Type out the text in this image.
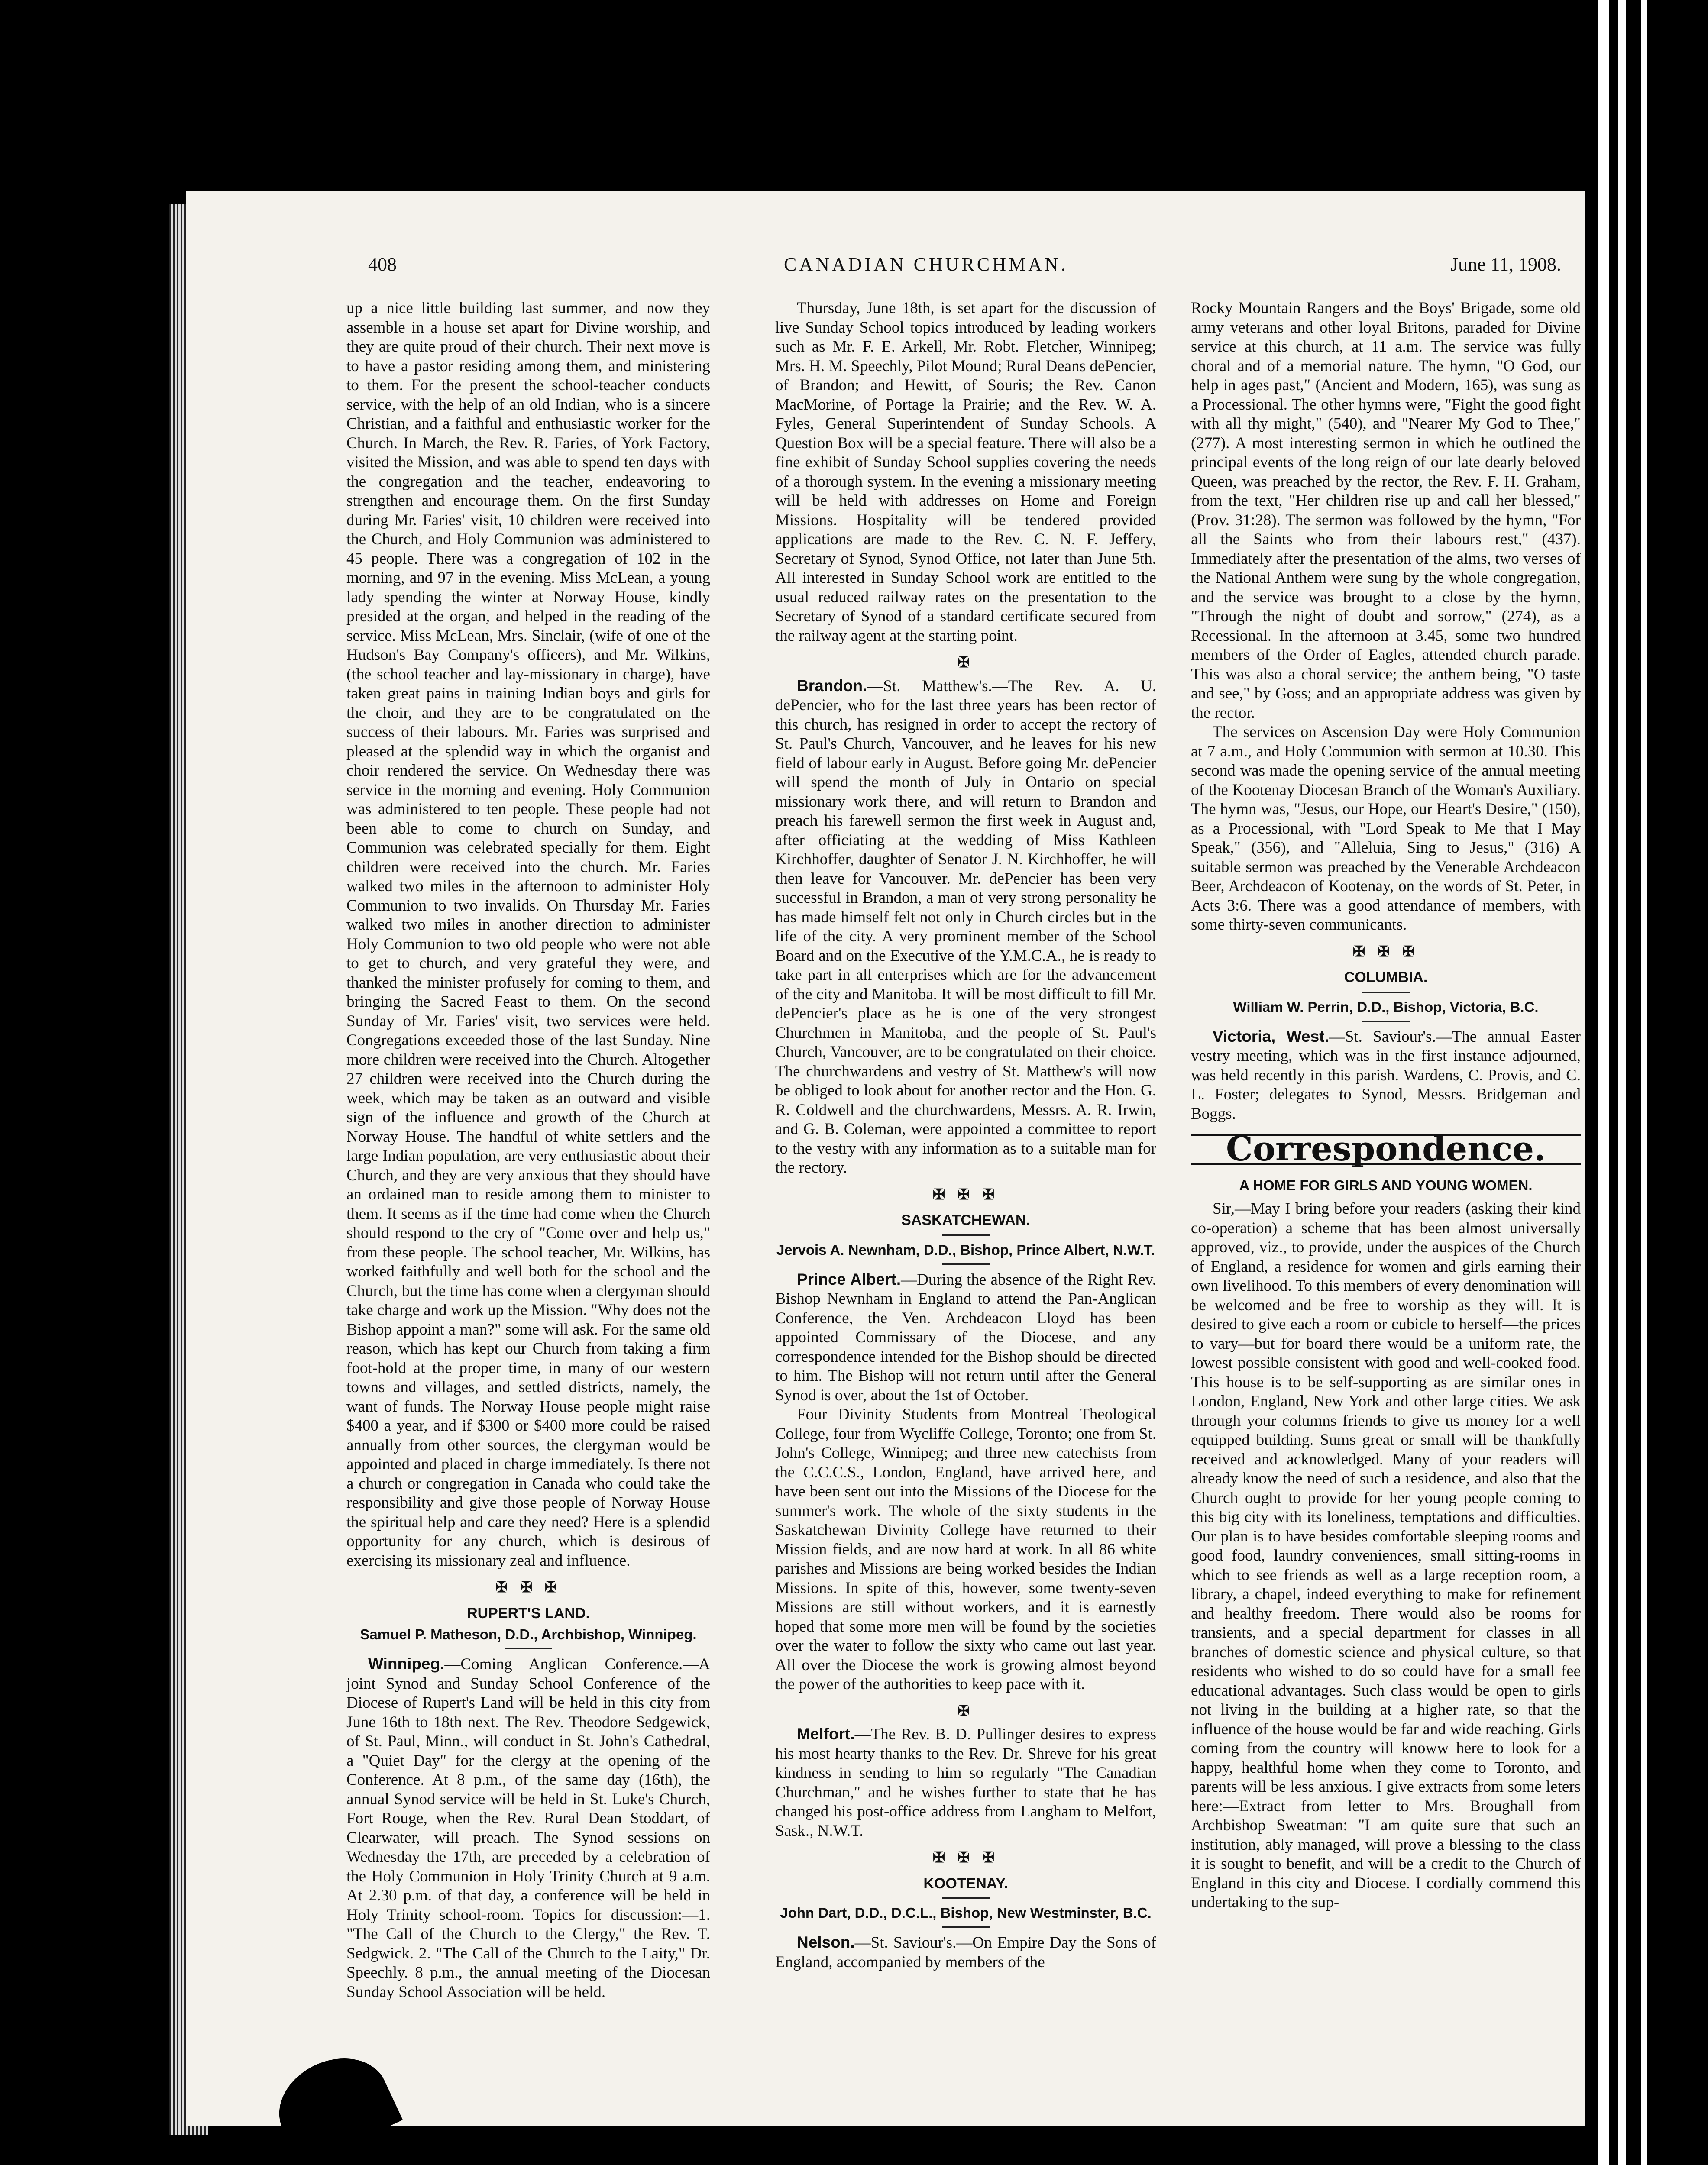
408	CANADIAN CHURCHMAN.	June 11, 1908.

up a nice little building last summer, and now they assemble in a house set apart for Divine worship, and they are quite proud of their church. Their next move is to have a pastor residing among them, and ministering to them. For the present the school-teacher conducts service, with the help of an old Indian, who is a sincere Christian, and a faithful and enthusiastic worker for the Church. In March, the Rev. R. Faries, of York Factory, visited the Mission, and was able to spend ten days with the congregation and the teacher, endeavoring to strengthen and encourage them. On the first Sunday during Mr. Faries' visit, 10 children were received into the Church, and Holy Communion was administered to 45 people. There was a congregation of 102 in the morning, and 97 in the evening. Miss McLean, a young lady spending the winter at Norway House, kindly presided at the organ, and helped in the reading of the service. Miss McLean, Mrs. Sinclair, (wife of one of the Hudson's Bay Company's officers), and Mr. Wilkins, (the school teacher and lay-missionary in charge), have taken great pains in training Indian boys and girls for the choir, and they are to be congratulated on the success of their labours. Mr. Faries was surprised and pleased at the splendid way in which the organist and choir rendered the service. On Wednesday there was service in the morning and evening. Holy Communion was administered to ten people. These people had not been able to come to church on Sunday, and Communion was celebrated specially for them. Eight children were received into the church. Mr. Faries walked two miles in the afternoon to administer Holy Communion to two invalids. On Thursday Mr. Faries walked two miles in another direction to administer Holy Communion to two old people who were not able to get to church, and very grateful they were, and thanked the minister profusely for coming to them, and bringing the Sacred Feast to them. On the second Sunday of Mr. Faries' visit, two services were held. Congregations exceeded those of the last Sunday. Nine more children were received into the Church. Altogether 27 children were received into the Church during the week, which may be taken as an outward and visible sign of the influence and growth of the Church at Norway House. The handful of white settlers and the large Indian population, are very enthusiastic about their Church, and they are very anxious that they should have an ordained man to reside among them to minister to them. It seems as if the time had come when the Church should respond to the cry of "Come over and help us," from these people. The school teacher, Mr. Wilkins, has worked faithfully and well both for the school and the Church, but the time has come when a clergyman should take charge and work up the Mission. "Why does not the Bishop appoint a man?" some will ask. For the same old reason, which has kept our Church from taking a firm foot-hold at the proper time, in many of our western towns and villages, and settled districts, namely, the want of funds. The Norway House people might raise $400 a year, and if $300 or $400 more could be raised annually from other sources, the clergyman would be appointed and placed in charge immediately. Is there not a church or congregation in Canada who could take the responsibility and give those people of Norway House the spiritual help and care they need? Here is a splendid opportunity for any church, which is desirous of exercising its missionary zeal and influence.

✠ ✠ ✠
RUPERT'S LAND.
Samuel P. Matheson, D.D., Archbishop, Winnipeg.

Winnipeg.—Coming Anglican Conference.—A joint Synod and Sunday School Conference of the Diocese of Rupert's Land will be held in this city from June 16th to 18th next. The Rev. Theodore Sedgewick, of St. Paul, Minn., will conduct in St. John's Cathedral, a "Quiet Day" for the clergy at the opening of the Conference. At 8 p.m., of the same day (16th), the annual Synod service will be held in St. Luke's Church, Fort Rouge, when the Rev. Rural Dean Stoddart, of Clearwater, will preach. The Synod sessions on Wednesday the 17th, are preceded by a celebration of the Holy Communion in Holy Trinity Church at 9 a.m. At 2.30 p.m. of that day, a conference will be held in Holy Trinity school-room. Topics for discussion:—1. "The Call of the Church to the Clergy," the Rev. T. Sedgwick. 2. "The Call of the Church to the Laity," Dr. Speechly. 8 p.m., the annual meeting of the Diocesan Sunday School Association will be held.

Thursday, June 18th, is set apart for the discussion of live Sunday School topics introduced by leading workers such as Mr. F. E. Arkell, Mr. Robt. Fletcher, Winnipeg; Mrs. H. M. Speechly, Pilot Mound; Rural Deans dePencier, of Brandon; and Hewitt, of Souris; the Rev. Canon MacMorine, of Portage la Prairie; and the Rev. W. A. Fyles, General Superintendent of Sunday Schools. A Question Box will be a special feature. There will also be a fine exhibit of Sunday School supplies covering the needs of a thorough system. In the evening a missionary meeting will be held with addresses on Home and Foreign Missions. Hospitality will be tendered provided applications are made to the Rev. C. N. F. Jeffery, Secretary of Synod, Synod Office, not later than June 5th. All interested in Sunday School work are entitled to the usual reduced railway rates on the presentation to the Secretary of Synod of a standard certificate secured from the railway agent at the starting point.

✠

Brandon.—St. Matthew's.—The Rev. A. U. dePencier, who for the last three years has been rector of this church, has resigned in order to accept the rectory of St. Paul's Church, Vancouver, and he leaves for his new field of labour early in August. Before going Mr. dePencier will spend the month of July in Ontario on special missionary work there, and will return to Brandon and preach his farewell sermon the first week in August and, after officiating at the wedding of Miss Kathleen Kirchhoffer, daughter of Senator J. N. Kirchhoffer, he will then leave for Vancouver. Mr. dePencier has been very successful in Brandon, a man of very strong personality he has made himself felt not only in Church circles but in the life of the city. A very prominent member of the School Board and on the Executive of the Y.M.C.A., he is ready to take part in all enterprises which are for the advancement of the city and Manitoba. It will be most difficult to fill Mr. dePencier's place as he is one of the very strongest Churchmen in Manitoba, and the people of St. Paul's Church, Vancouver, are to be congratulated on their choice. The churchwardens and vestry of St. Matthew's will now be obliged to look about for another rector and the Hon. G. R. Coldwell and the churchwardens, Messrs. A. R. Irwin, and G. B. Coleman, were appointed a committee to report to the vestry with any information as to a suitable man for the rectory.

✠ ✠ ✠
SASKATCHEWAN.
Jervois A. Newnham, D.D., Bishop, Prince Albert, N.W.T.

Prince Albert.—During the absence of the Right Rev. Bishop Newnham in England to attend the Pan-Anglican Conference, the Ven. Archdeacon Lloyd has been appointed Commissary of the Diocese, and any correspondence intended for the Bishop should be directed to him. The Bishop will not return until after the General Synod is over, about the 1st of October.

Four Divinity Students from Montreal Theological College, four from Wycliffe College, Toronto; one from St. John's College, Winnipeg; and three new catechists from the C.C.C.S., London, England, have arrived here, and have been sent out into the Missions of the Diocese for the summer's work. The whole of the sixty students in the Saskatchewan Divinity College have returned to their Mission fields, and are now hard at work. In all 86 white parishes and Missions are being worked besides the Indian Missions. In spite of this, however, some twenty-seven Missions are still without workers, and it is earnestly hoped that some more men will be found by the societies over the water to follow the sixty who came out last year. All over the Diocese the work is growing almost beyond the power of the authorities to keep pace with it.

✠

Melfort.—The Rev. B. D. Pullinger desires to express his most hearty thanks to the Rev. Dr. Shreve for his great kindness in sending to him so regularly "The Canadian Churchman," and he wishes further to state that he has changed his post-office address from Langham to Melfort, Sask., N.W.T.

✠ ✠ ✠
KOOTENAY.
John Dart, D.D., D.C.L., Bishop, New Westminster, B.C.

Nelson.—St. Saviour's.—On Empire Day the Sons of England, accompanied by members of the

Rocky Mountain Rangers and the Boys' Brigade, some old army veterans and other loyal Britons, paraded for Divine service at this church, at 11 a.m. The service was fully choral and of a memorial nature. The hymn, "O God, our help in ages past," (Ancient and Modern, 165), was sung as a Processional. The other hymns were, "Fight the good fight with all thy might," (540), and "Nearer My God to Thee," (277). A most interesting sermon in which he outlined the principal events of the long reign of our late dearly beloved Queen, was preached by the rector, the Rev. F. H. Graham, from the text, "Her children rise up and call her blessed," (Prov. 31:28). The sermon was followed by the hymn, "For all the Saints who from their labours rest," (437). Immediately after the presentation of the alms, two verses of the National Anthem were sung by the whole congregation, and the service was brought to a close by the hymn, "Through the night of doubt and sorrow," (274), as a Recessional. In the afternoon at 3.45, some two hundred members of the Order of Eagles, attended church parade. This was also a choral service; the anthem being, "O taste and see," by Goss; and an appropriate address was given by the rector.

The services on Ascension Day were Holy Communion at 7 a.m., and Holy Communion with sermon at 10.30. This second was made the opening service of the annual meeting of the Kootenay Diocesan Branch of the Woman's Auxiliary. The hymn was, "Jesus, our Hope, our Heart's Desire," (150), as a Processional, with "Lord Speak to Me that I May Speak," (356), and "Alleluia, Sing to Jesus," (316) A suitable sermon was preached by the Venerable Archdeacon Beer, Archdeacon of Kootenay, on the words of St. Peter, in Acts 3:6. There was a good attendance of members, with some thirty-seven communicants.

✠ ✠ ✠
COLUMBIA.
William W. Perrin, D.D., Bishop, Victoria, B.C.

Victoria, West.—St. Saviour's.—The annual Easter vestry meeting, which was in the first instance adjourned, was held recently in this parish. Wardens, C. Provis, and C. L. Foster; delegates to Synod, Messrs. Bridgeman and Boggs.

Correspondence.
A HOME FOR GIRLS AND YOUNG WOMEN.

Sir,—May I bring before your readers (asking their kind co-operation) a scheme that has been almost universally approved, viz., to provide, under the auspices of the Church of England, a residence for women and girls earning their own livelihood. To this members of every denomination will be welcomed and be free to worship as they will. It is desired to give each a room or cubicle to herself—the prices to vary—but for board there would be a uniform rate, the lowest possible consistent with good and well-cooked food. This house is to be self-supporting as are similar ones in London, England, New York and other large cities. We ask through your columns friends to give us money for a well equipped building. Sums great or small will be thankfully received and acknowledged. Many of your readers will already know the need of such a residence, and also that the Church ought to provide for her young people coming to this big city with its loneliness, temptations and difficulties. Our plan is to have besides comfortable sleeping rooms and good food, laundry conveniences, small sitting-rooms in which to see friends as well as a large reception room, a library, a chapel, indeed everything to make for refinement and healthy freedom. There would also be rooms for transients, and a special department for classes in all branches of domestic science and physical culture, so that residents who wished to do so could have for a small fee educational advantages. Such class would be open to girls not living in the building at a higher rate, so that the influence of the house would be far and wide reaching. Girls coming from the country will knoww here to look for a happy, healthful home when they come to Toronto, and parents will be less anxious. I give extracts from some leters here:—Extract from letter to Mrs. Broughall from Archbishop Sweatman: "I am quite sure that such an institution, ably managed, will prove a blessing to the class it is sought to benefit, and will be a credit to the Church of England in this city and Diocese. I cordially commend this undertaking to the sup-
